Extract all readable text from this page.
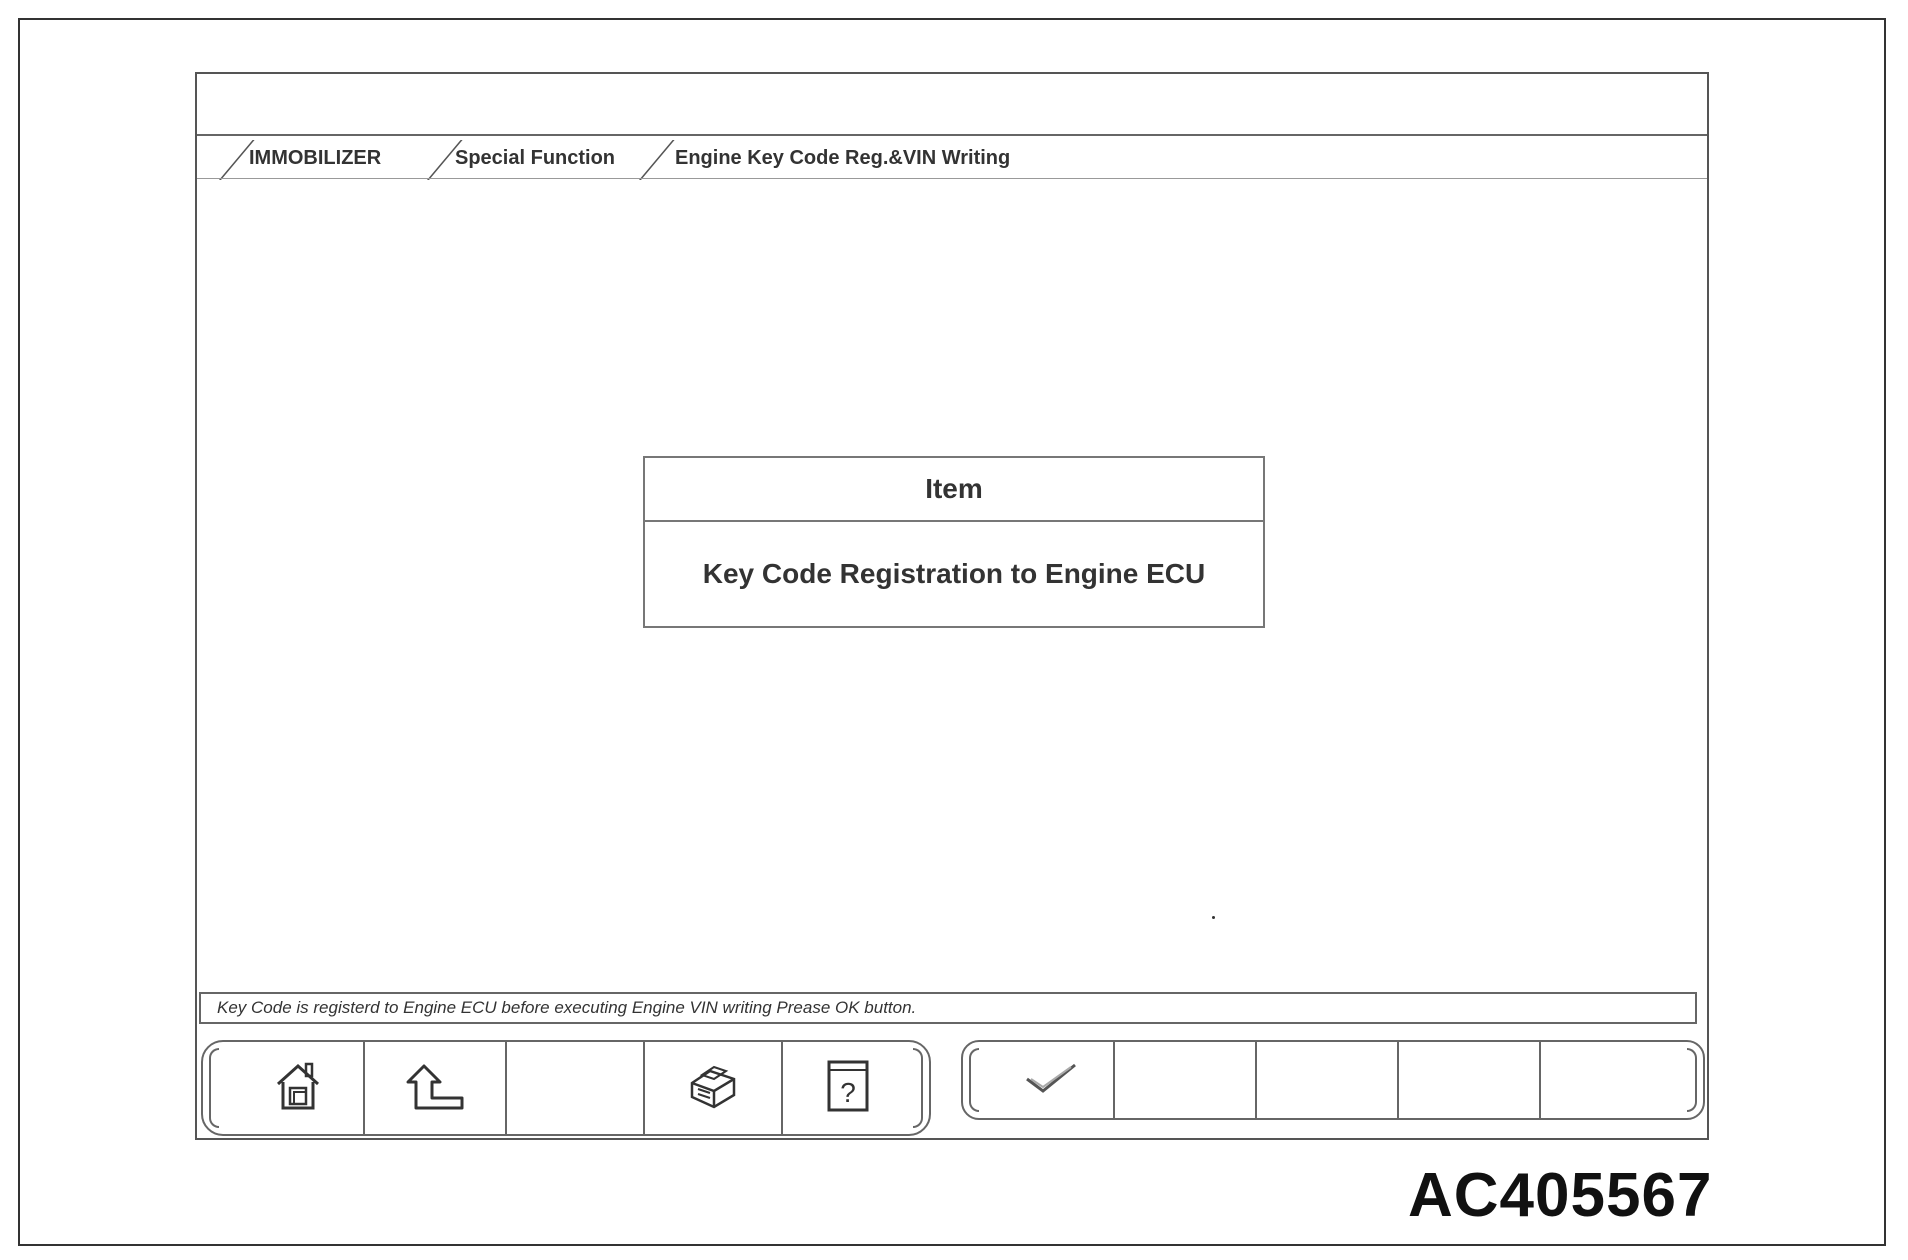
IMMOBILIZER	Special Function	Engine Key Code Reg.&VIN Writing
Item
Key Code Registration to Engine ECU
Key Code is registerd to Engine ECU before executing Engine VIN writing Prease OK button.
?
AC405567
